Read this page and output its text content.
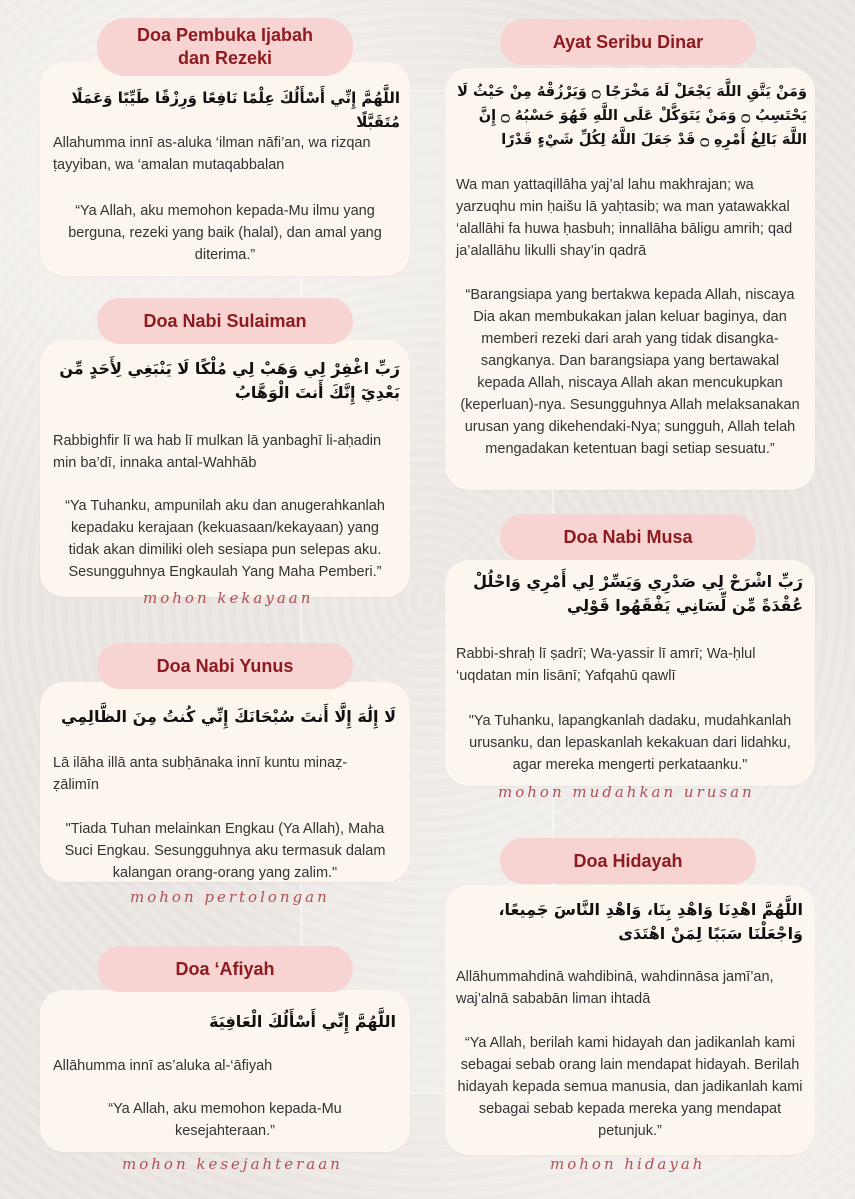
Doa Pembuka Ijabah
dan Rezeki
اللَّهُمَّ إِنِّي أَسْأَلُكَ عِلْمًا نَافِعًا وَرِزْقًا طَيِّبًا وَعَمَلًا مُتَقَبَّلًا
Allahumma innī as-aluka ‘ilman nāfi’an, wa rizqan ṭayyiban, wa ‘amalan mutaqabbalan
“Ya Allah, aku memohon kepada-Mu ilmu yang berguna, rezeki yang baik (halal), dan amal yang diterima.”
Doa Nabi Sulaiman
رَبِّ اغْفِرْ لِي وَهَبْ لِي مُلْكًا لَا يَنْبَغِي لِأَحَدٍ مِّن بَعْدِيٓ إِنَّكَ أَنتَ الْوَهَّابُ
Rabbighfir lī wa hab lī mulkan lā yanbaghī li-aḥadin min ba’dī, innaka antal-Wahhāb
“Ya Tuhanku, ampunilah aku dan anugerahkanlah kepadaku kerajaan (kekuasaan/kekayaan) yang tidak akan dimiliki oleh sesiapa pun selepas aku. Sesungguhnya Engkaulah Yang Maha Pemberi.”
mohon kekayaan
Doa Nabi Yunus
لَا إِلَٰهَ إِلَّا أَنتَ سُبْحَانَكَ إِنِّي كُنتُ مِنَ الظَّالِمِي
Lā ilāha illā anta subḥānaka innī kuntu minaẓ-ẓālimīn
"Tiada Tuhan melainkan Engkau (Ya Allah), Maha Suci Engkau. Sesungguhnya aku termasuk dalam kalangan orang-orang yang zalim."
mohon pertolongan
Doa ‘Afiyah
اللَّهُمَّ إِنِّي أَسْأَلُكَ الْعَافِيَةَ
Allāhumma innī as’aluka al-‘āfiyah
“Ya Allah, aku memohon kepada-Mu kesejahteraan.”
mohon kesejahteraan
Ayat Seribu Dinar
وَمَنْ يَتَّقِ اللَّهَ يَجْعَلْ لَهُ مَخْرَجًا ۝ وَيَرْزُقْهُ مِنْ حَيْثُ لَا يَحْتَسِبُ ۝ وَمَنْ يَتَوَكَّلْ عَلَى اللَّهِ فَهُوَ حَسْبُهُ ۝ إِنَّ اللَّهَ بَالِغُ أَمْرِهِ ۝ قَدْ جَعَلَ اللَّهُ لِكُلِّ شَيْءٍ قَدْرًا
Wa man yattaqillāha yaj’al lahu makhrajan; wa yarzuqhu min ḥaišu lā yaḥtasib; wa man yatawakkal ‘alallāhi fa huwa ḥasbuh; innallāha bāligu amrih; qad ja’alallāhu likulli shay’in qadrā
“Barangsiapa yang bertakwa kepada Allah, niscaya Dia akan membukakan jalan keluar baginya, dan memberi rezeki dari arah yang tidak disangka-sangkanya. Dan barangsiapa yang bertawakal kepada Allah, niscaya Allah akan mencukupkan (keperluan)-nya. Sesungguhnya Allah melaksanakan urusan yang dikehendaki-Nya; sungguh, Allah telah mengadakan ketentuan bagi setiap sesuatu.”
Doa Nabi Musa
رَبِّ اشْرَحْ لِي صَدْرِي وَيَسِّرْ لِي أَمْرِي وَاحْلُلْ عُقْدَةً مِّن لِّسَانِي يَفْقَهُوا قَوْلِي
Rabbi-shraḥ lī ṣadrī; Wa-yassir lī amrī; Wa-ḥlul ‘uqdatan min lisānī; Yafqahū qawlī
"Ya Tuhanku, lapangkanlah dadaku, mudahkanlah urusanku, dan lepaskanlah kekakuan dari lidahku, agar mereka mengerti perkataanku."
mohon mudahkan urusan
Doa Hidayah
اللَّهُمَّ اهْدِنَا وَاهْدِ بِنَا، وَاهْدِ النَّاسَ جَمِيعًا، وَاجْعَلْنَا سَبَبًا لِمَنْ اهْتَدَى
Allāhummahdinā wahdibinā, wahdinnāsa jamī’an, waj’alnā sababān liman ihtadā
“Ya Allah, berilah kami hidayah dan jadikanlah kami sebagai sebab orang lain mendapat hidayah. Berilah hidayah kepada semua manusia, dan jadikanlah kami sebagai sebab kepada mereka yang mendapat petunjuk.”
mohon hidayah
